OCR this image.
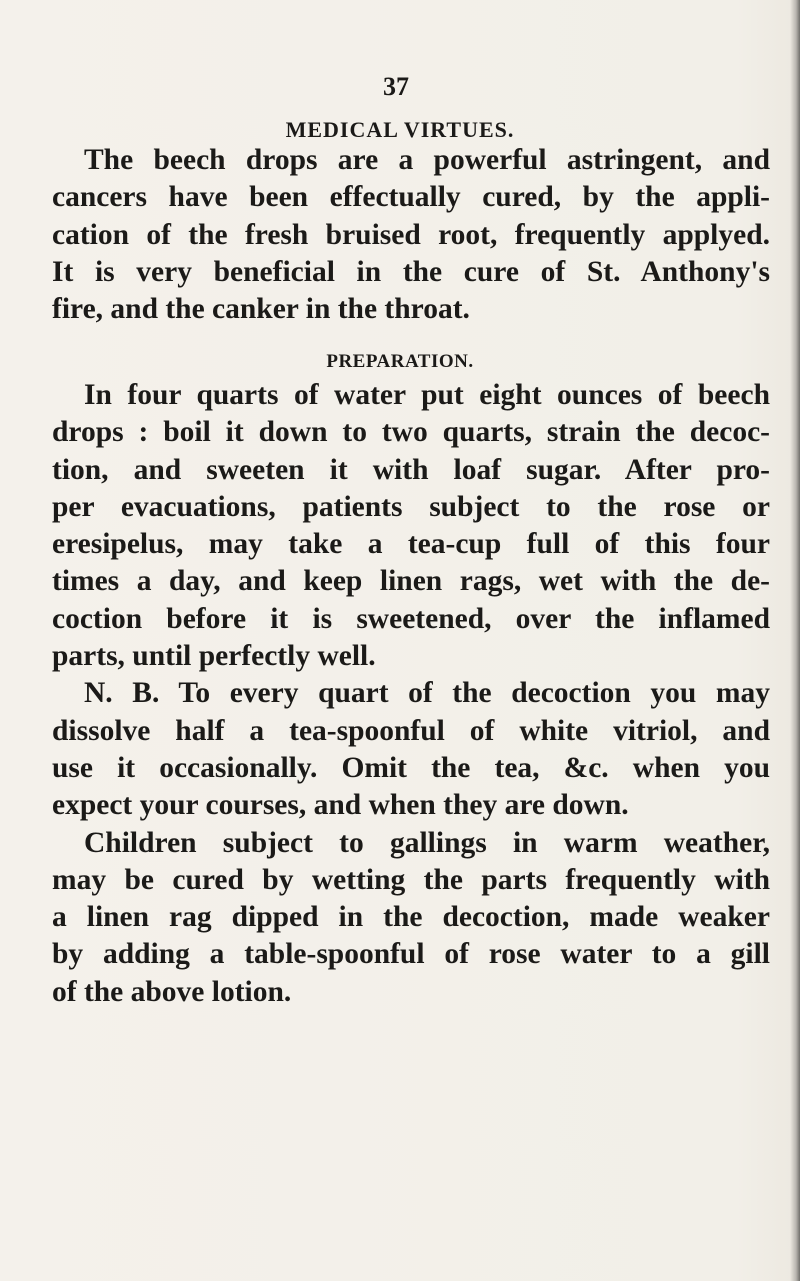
37
MEDICAL VIRTUES.
The beech drops are a powerful astringent, and
cancers have been effectually cured, by the appli-
cation of the fresh bruised root, frequently applyed.
It is very beneficial in the cure of St. Anthony's
fire, and the canker in the throat.
PREPARATION.
In four quarts of water put eight ounces of beech
drops : boil it down to two quarts, strain the decoc-
tion, and sweeten it with loaf sugar. After pro-
per evacuations, patients subject to the rose or
eresipelus, may take a tea-cup full of this four
times a day, and keep linen rags, wet with the de-
coction before it is sweetened, over the inflamed
parts, until perfectly well.
N. B. To every quart of the decoction you may
dissolve half a tea-spoonful of white vitriol, and
use it occasionally. Omit the tea, &c. when you
expect your courses, and when they are down.
Children subject to gallings in warm weather,
may be cured by wetting the parts frequently with
a linen rag dipped in the decoction, made weaker
by adding a table-spoonful of rose water to a gill
of the above lotion.
